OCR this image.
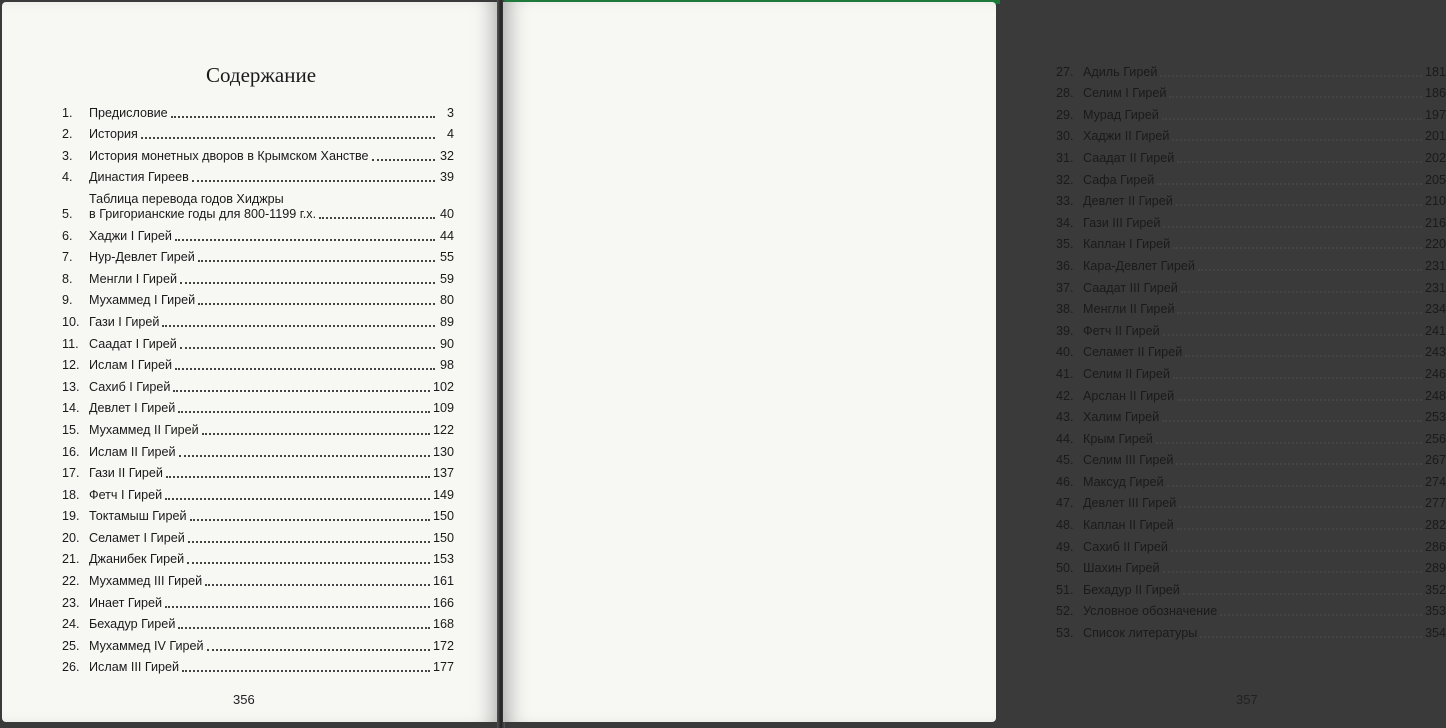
Содержание
1.	Предисловие	3
2.	История	4
3.	История монетных дворов в Крымском Ханстве	32
4.	Династия Гиреев	39
5.
Таблица перевода годов Хиджры
в Григорианские годы для 800-1199 г.х.	40
6.	Хаджи I Гирей	44
7.	Нур-Девлет Гирей	55
8.	Менгли I Гирей	59
9.	Мухаммед I Гирей	80
10. Гази I Гирей	89
11. Саадат I Гирей	90
12. Ислам I Гирей	98
13. Сахиб I Гирей	102
14. Девлет I Гирей	109
15. Мухаммед II Гирей	122
16. Ислам II Гирей	130
17. Гази II Гирей	137
18. Фетч I Гирей	149
19. Токтамыш Гирей	150
20. Селамет I Гирей	150
21. Джанибек Гирей	153
22. Мухаммед III Гирей	161
23. Инает Гирей	166
24. Бехадур Гирей	168
25. Мухаммед IV Гирей	172
26. Ислам III Гирей	177
356
27. Адиль Гирей	181
28. Селим I Гирей	186
29. Мурад Гирей	197
30. Хаджи II Гирей	201
31. Саадат II Гирей	202
32. Сафа Гирей	205
33. Девлет II Гирей	210
34. Гази III Гирей	216
35. Каплан I Гирей	220
36. Кара-Девлет Гирей	231
37. Саадат III Гирей	231
38. Менгли II Гирей	234
39. Фетч II Гирей	241
40. Селамет II Гирей	243
41. Селим II Гирей	246
42. Арслан II Гирей	248
43. Халим Гирей	253
44. Крым Гирей	256
45. Селим III Гирей	267
46. Максуд Гирей	274
47. Девлет III Гирей	277
48. Каплан II Гирей	282
49. Сахиб II Гирей	286
50. Шахин Гирей	289
51. Бехадур II Гирей	352
52. Условное обозначение	353
53. Список литературы	354
357
